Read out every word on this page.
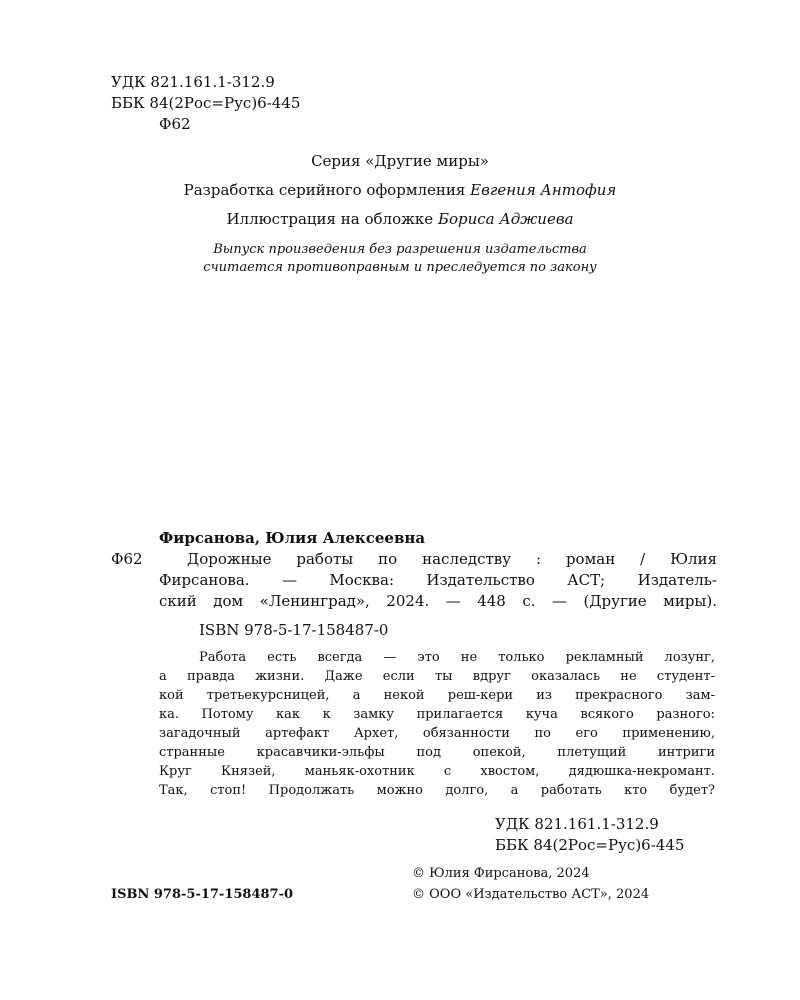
УДК 821.161.1-312.9
ББК 84(2Рос=Рус)6-445
Ф62
Серия «Другие миры»
Разработка серийного оформления Евгения Антофия
Иллюстрация на обложке Бориса Аджиева
Выпуск произведения без разрешения издательства
считается противоправным и преследуется по закону
Фирсанова, Юлия Алексеевна
Ф62	Дорожные работы по наследству : роман / Юлия
Фирсанова. — Москва: Издательство АСТ; Издатель-
ский дом «Ленинград», 2024. — 448 с. — (Другие миры).
ISBN 978-5-17-158487-0
Работа есть всегда — это не только рекламный лозунг,
а правда жизни. Даже если ты вдруг оказалась не студент-
кой третьекурсницей, а некой реш-кери из прекрасного зам-
ка. Потому как к замку прилагается куча всякого разного:
загадочный артефакт Архет, обязанности по его применению,
странные красавчики-эльфы под опекой, плетущий интриги
Круг Князей, маньяк-охотник с хвостом, дядюшка-некромант.
Так, стоп! Продолжать можно долго, а работать кто будет?
УДК 821.161.1-312.9
ББК 84(2Рос=Рус)6-445
© Юлия Фирсанова, 2024
ISBN 978-5-17-158487-0	© ООО «Издательство АСТ», 2024
